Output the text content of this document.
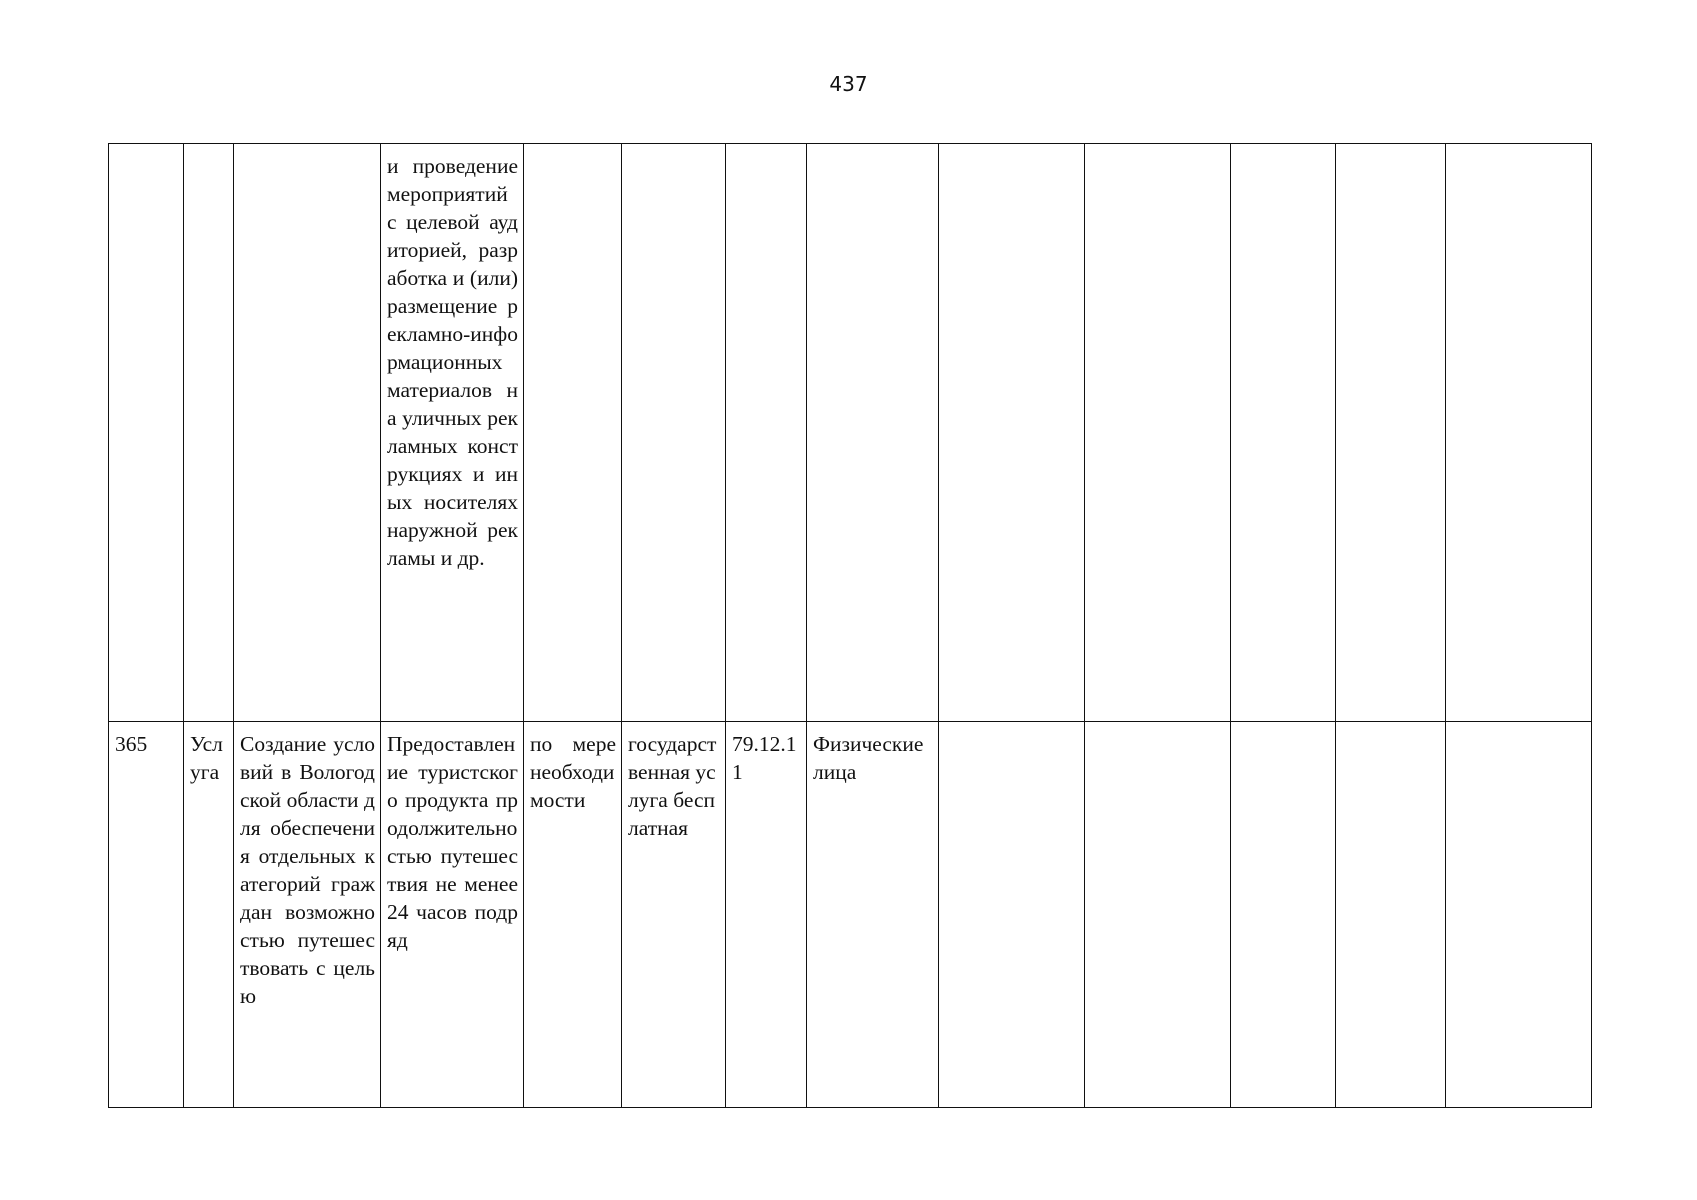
437
			и проведение мероприятий с целевой аудиторией, разработка и (или) размещение рекламно-информационных материалов на уличных рекламных конструкциях и иных носителях наружной рекламы и др.									
365	Услуга	Создание условий в Вологодской области для обеспечения отдельных категорий граждан возможностью путешествовать с целью	Предоставление туристского продукта продолжительностью путешествия не менее 24 часов подряд	по мере необходимости	государственная услуга бесплатная	79.12.11	Физические лица					
